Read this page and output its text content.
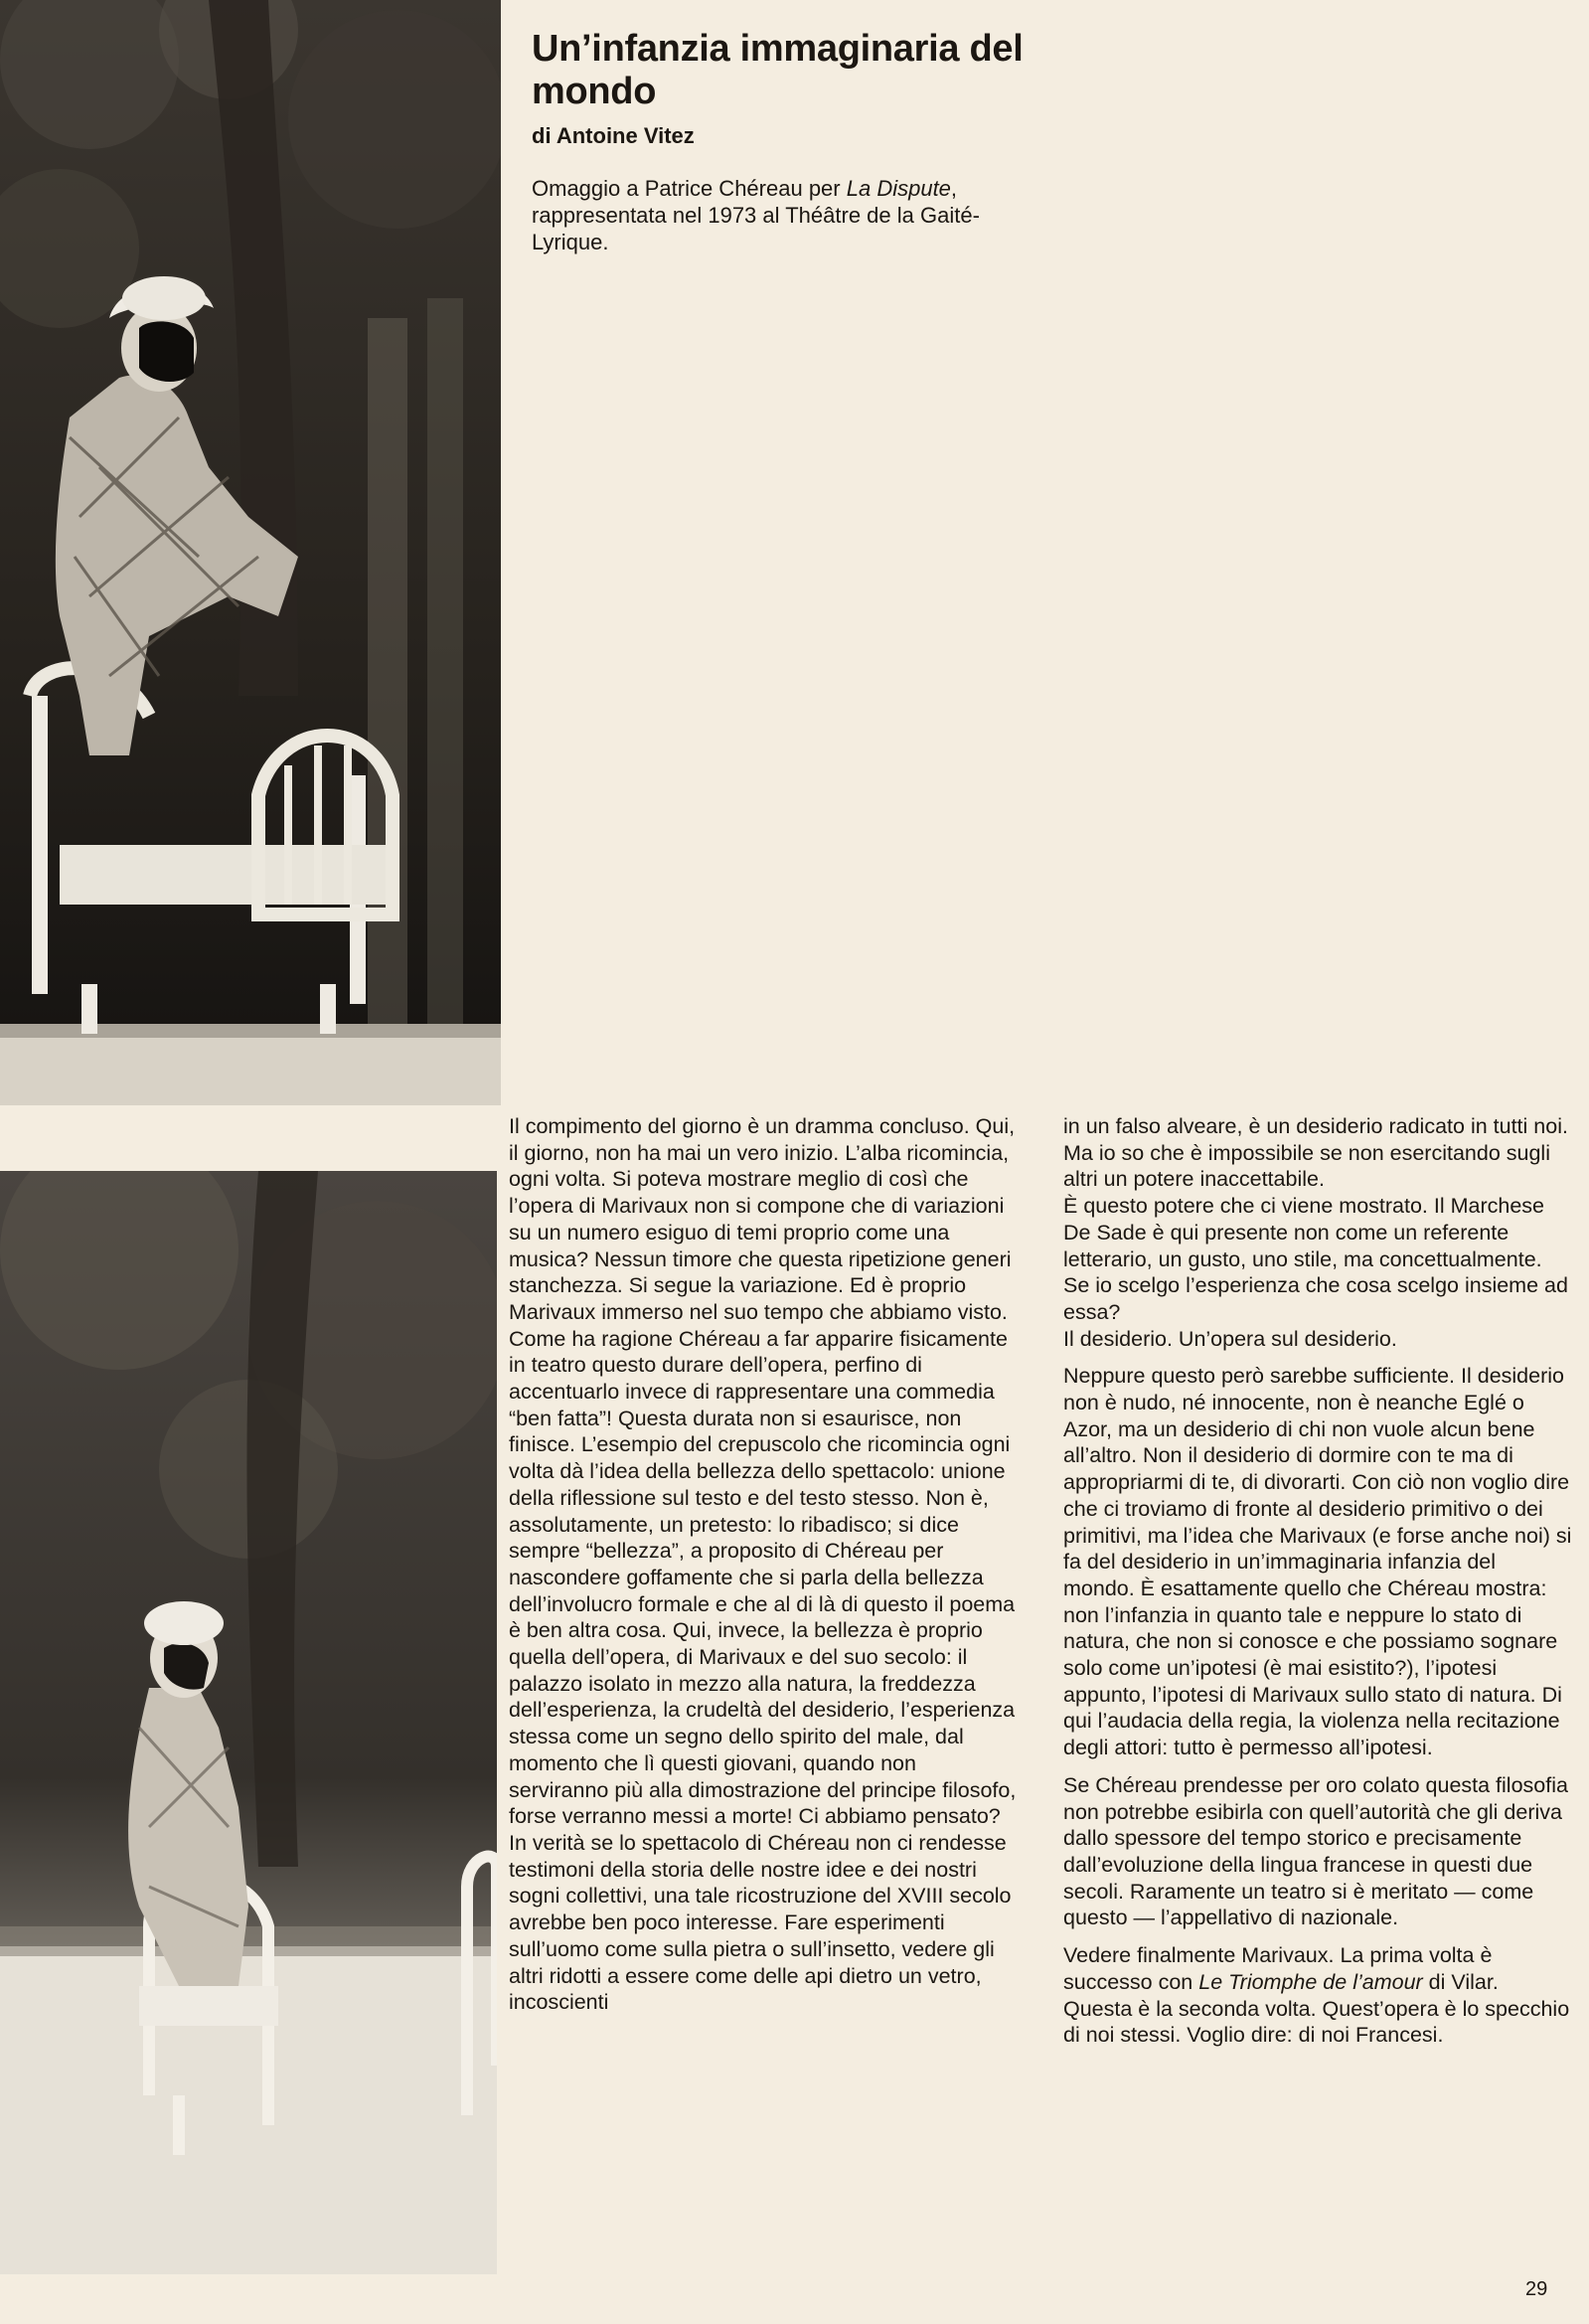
Un’infanzia immaginaria del mondo

di Antoine Vitez

Omaggio a Patrice Chéreau per La Dispute, rappresentata nel 1973 al Théâtre de la Gaité-Lyrique.

Il compimento del giorno è un dramma concluso. Qui, il giorno, non ha mai un vero inizio. L’alba ricomincia, ogni volta. Si poteva mostrare meglio di così che l’opera di Marivaux non si compone che di variazioni su un numero esiguo di temi proprio come una musica? Nessun timore che questa ripetizione generi stanchezza. Si segue la variazione. Ed è proprio Marivaux immerso nel suo tempo che abbiamo visto.

Come ha ragione Chéreau a far apparire fisicamente in teatro questo durare dell’opera, perfino di accentuarlo invece di rappresentare una commedia “ben fatta”! Questa durata non si esaurisce, non finisce. L’esempio del crepuscolo che ricomincia ogni volta dà l’idea della bellezza dello spettacolo: unione della riflessione sul testo e del testo stesso. Non è, assolutamente, un pretesto: lo ribadisco; si dice sempre “bellezza”, a proposito di Chéreau per nascondere goffamente che si parla della bellezza dell’involucro formale e che al di là di questo il poema è ben altra cosa. Qui, invece, la bellezza è proprio quella dell’opera, di Marivaux e del suo secolo: il palazzo isolato in mezzo alla natura, la freddezza dell’esperienza, la crudeltà del desiderio, l’esperienza stessa come un segno dello spirito del male, dal momento che lì questi giovani, quando non serviranno più alla dimostrazione del principe filosofo, forse verranno messi a morte! Ci abbiamo pensato?

In verità se lo spettacolo di Chéreau non ci rendesse testimoni della storia delle nostre idee e dei nostri sogni collettivi, una tale ricostruzione del XVIII secolo avrebbe ben poco interesse. Fare esperimenti sull’uomo come sulla pietra o sull’insetto, vedere gli altri ridotti a essere come delle api dietro un vetro, incoscienti

in un falso alveare, è un desiderio radicato in tutti noi. Ma io so che è impossibile se non esercitando sugli altri un potere inaccettabile.

È questo potere che ci viene mostrato. Il Marchese De Sade è qui presente non come un referente letterario, un gusto, uno stile, ma concettualmente. Se io scelgo l’esperienza che cosa scelgo insieme ad essa?

Il desiderio. Un’opera sul desiderio.

Neppure questo però sarebbe sufficiente. Il desiderio non è nudo, né innocente, non è neanche Eglé o Azor, ma un desiderio di chi non vuole alcun bene all’altro. Non il desiderio di dormire con te ma di appropriarmi di te, di divorarti. Con ciò non voglio dire che ci troviamo di fronte al desiderio primitivo o dei primitivi, ma l’idea che Marivaux (e forse anche noi) si fa del desiderio in un’immaginaria infanzia del mondo. È esattamente quello che Chéreau mostra: non l’infanzia in quanto tale e neppure lo stato di natura, che non si conosce e che possiamo sognare solo come un’ipotesi (è mai esistito?), l’ipotesi appunto, l’ipotesi di Marivaux sullo stato di natura. Di qui l’audacia della regia, la violenza nella recitazione degli attori: tutto è permesso all’ipotesi.

Se Chéreau prendesse per oro colato questa filosofia non potrebbe esibirla con quell’autorità che gli deriva dallo spessore del tempo storico e precisamente dall’evoluzione della lingua francese in questi due secoli. Raramente un teatro si è meritato — come questo — l’appellativo di nazionale.

Vedere finalmente Marivaux. La prima volta è successo con Le Triomphe de l’amour di Vilar. Questa è la seconda volta. Quest’opera è lo specchio di noi stessi. Voglio dire: di noi Francesi.

29
